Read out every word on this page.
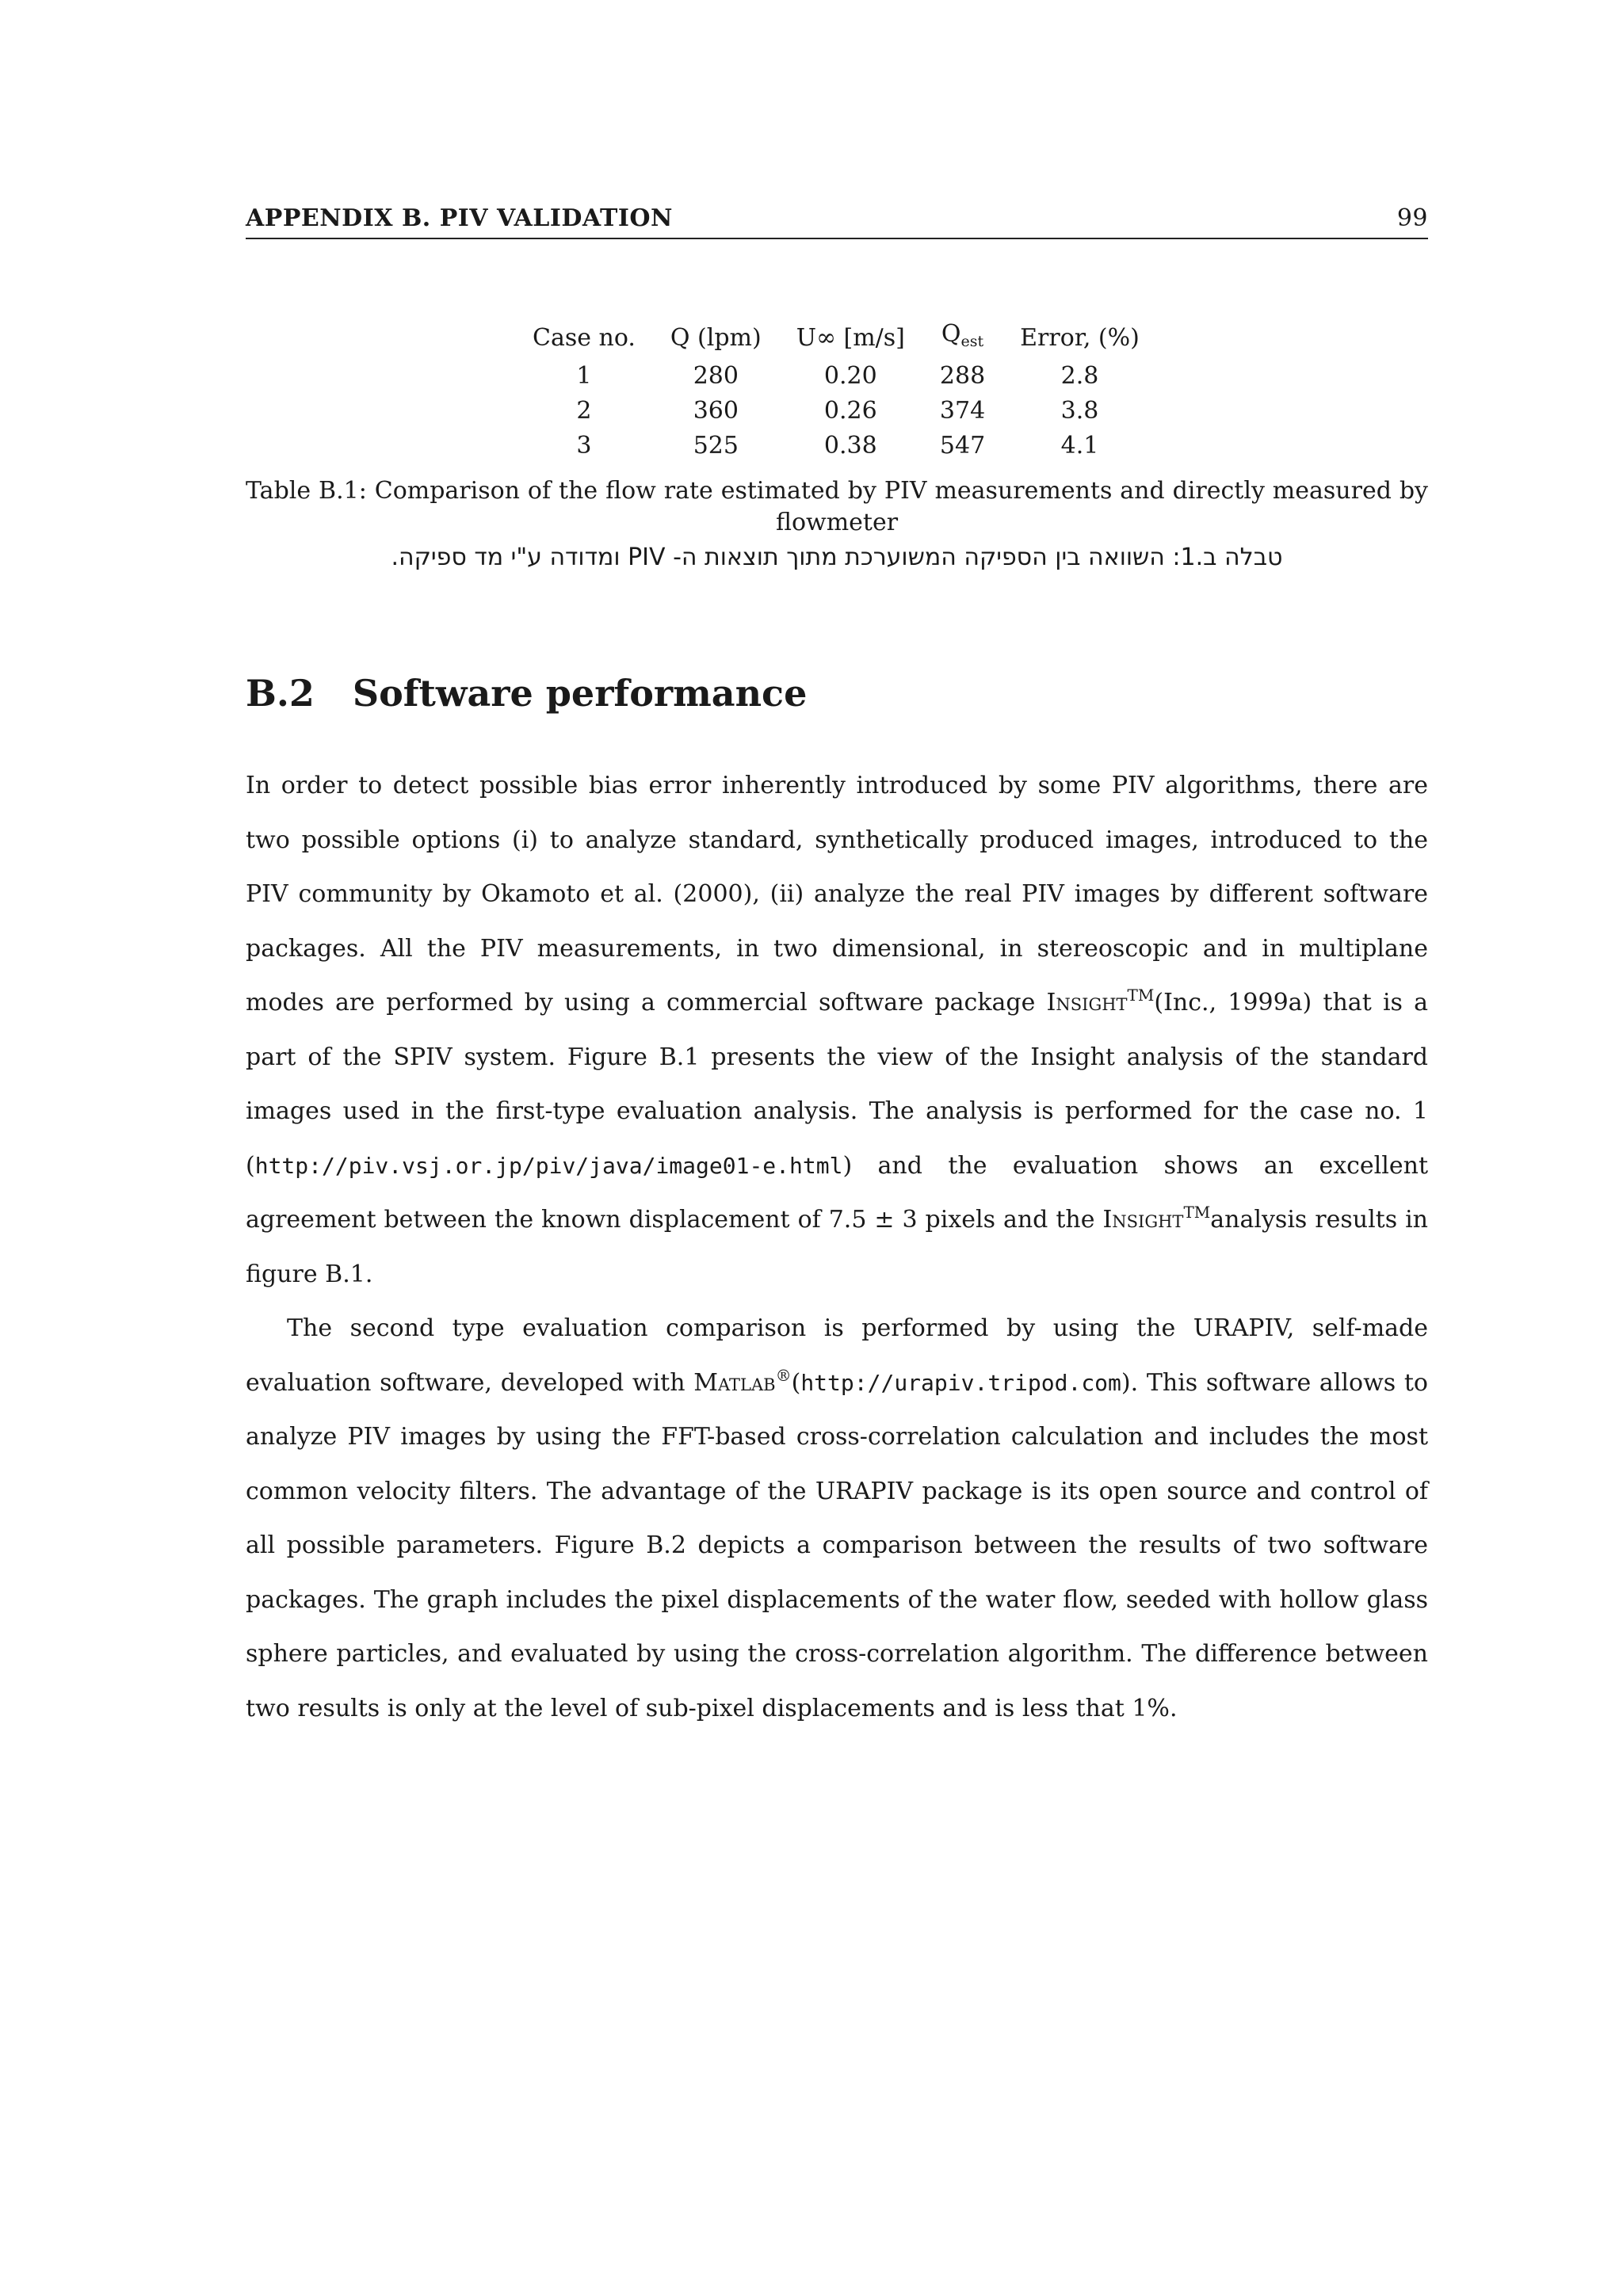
APPENDIX B. PIV VALIDATION	99
Case no.	Q (lpm)	U∞ [m/s]	$Q_{est}$	Error, (%)
1	280	0.20	288	2.8
2	360	0.26	374	3.8
3	525	0.38	547	4.1
Table B.1: Comparison of the flow rate estimated by PIV measurements and directly measured by
flowmeter
טבלה ב.1: השוואה בין הספיקה המשוערכת מתוך תוצאות ה- PIV ומדודה ע"י מד ספיקה.
B.2 Software performance

In order to detect possible bias error inherently introduced by some PIV algorithms, there are two possible options (i) to analyze standard, synthetically produced images, introduced to the PIV community by Okamoto et al. (2000), (ii) analyze the real PIV images by different software packages. All the PIV measurements, in two dimensional, in stereoscopic and in multiplane modes are performed by using a commercial software package Insight™(Inc., 1999a) that is a part of the SPIV system. Figure B.1 presents the view of the Insight analysis of the standard images used in the first-type evaluation analysis. The analysis is performed for the case no. 1 (http://piv.vsj.or.jp/piv/java/image01-e.html) and the evaluation shows an excellent agreement between the known displacement of 7.5 ± 3 pixels and the Insight™analysis results in figure B.1.

The second type evaluation comparison is performed by using the URAPIV, self-made evaluation software, developed with Matlab®(http://urapiv.tripod.com). This software allows to analyze PIV images by using the FFT-based cross-correlation calculation and includes the most common velocity filters. The advantage of the URAPIV package is its open source and control of all possible parameters. Figure B.2 depicts a comparison between the results of two software packages. The graph includes the pixel displacements of the water flow, seeded with hollow glass sphere particles, and evaluated by using the cross-correlation algorithm. The difference between two results is only at the level of sub-pixel displacements and is less that 1%.
